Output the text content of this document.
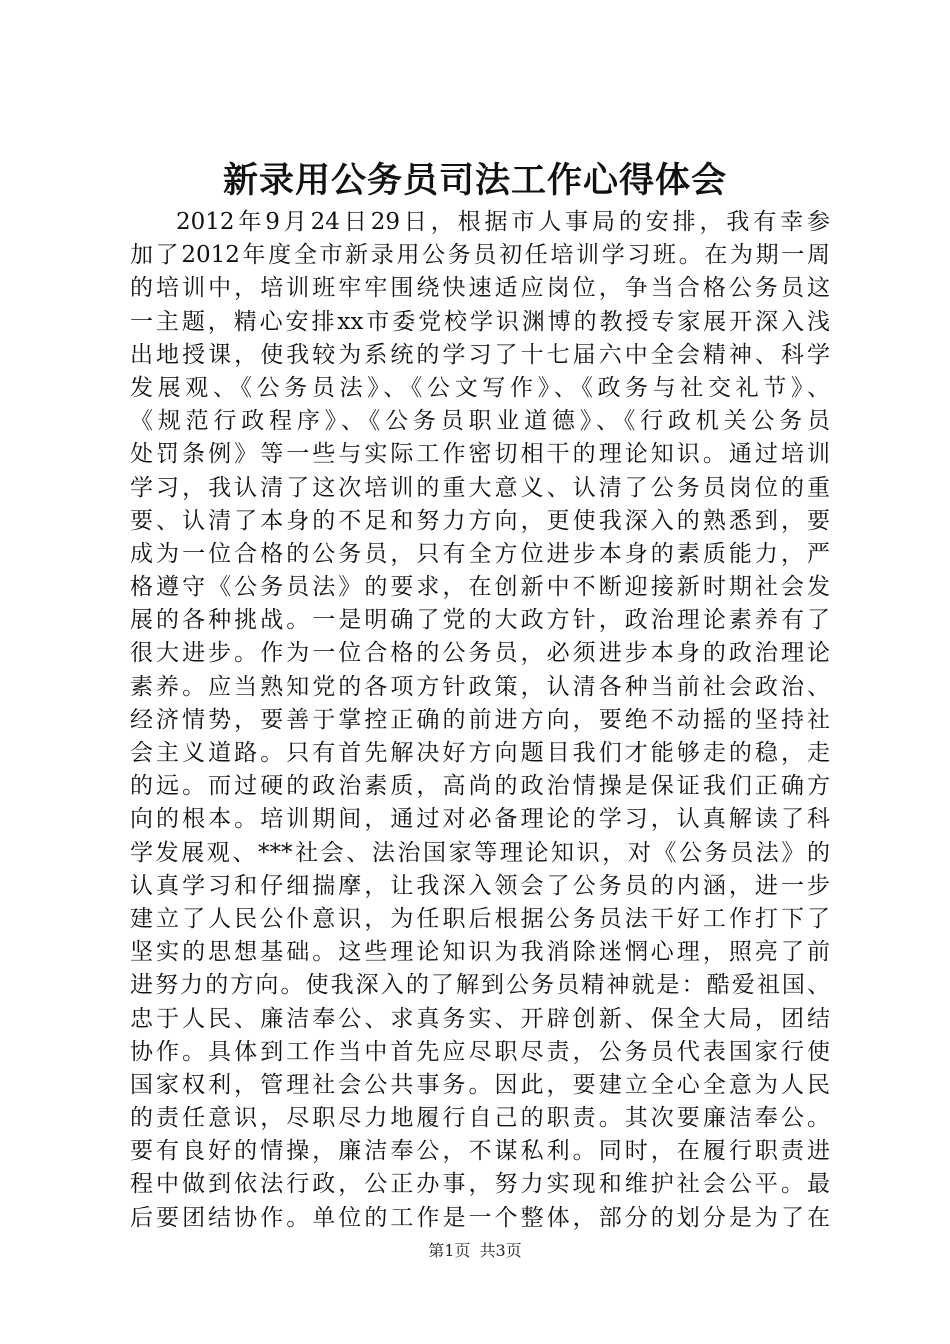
新录用公务员司法工作心得体会
2012年9月24日29日，根据市人事局的安排，我有幸参
加了2012年度全市新录用公务员初任培训学习班。在为期一周
的培训中，培训班牢牢围绕快速适应岗位，争当合格公务员这
一主题，精心安排xx市委党校学识渊博的教授专家展开深入浅
出地授课，使我较为系统的学习了十七届六中全会精神、科学
发展观、《公务员法》、《公文写作》、《政务与社交礼节》、
《规范行政程序》、《公务员职业道德》、《行政机关公务员
处罚条例》等一些与实际工作密切相干的理论知识。通过培训
学习，我认清了这次培训的重大意义、认清了公务员岗位的重
要、认清了本身的不足和努力方向，更使我深入的熟悉到，要
成为一位合格的公务员，只有全方位进步本身的素质能力，严
格遵守《公务员法》的要求，在创新中不断迎接新时期社会发
展的各种挑战。一是明确了党的大政方针，政治理论素养有了
很大进步。作为一位合格的公务员，必须进步本身的政治理论
素养。应当熟知党的各项方针政策，认清各种当前社会政治、
经济情势，要善于掌控正确的前进方向，要绝不动摇的坚持社
会主义道路。只有首先解决好方向题目我们才能够走的稳，走
的远。而过硬的政治素质，高尚的政治情操是保证我们正确方
向的根本。培训期间，通过对必备理论的学习，认真解读了科
学发展观、***社会、法治国家等理论知识，对《公务员法》的
认真学习和仔细揣摩，让我深入领会了公务员的内涵，进一步
建立了人民公仆意识，为任职后根据公务员法干好工作打下了
坚实的思想基础。这些理论知识为我消除迷惘心理，照亮了前
进努力的方向。使我深入的了解到公务员精神就是：酷爱祖国、
忠于人民、廉洁奉公、求真务实、开辟创新、保全大局，团结
协作。具体到工作当中首先应尽职尽责，公务员代表国家行使
国家权利，管理社会公共事务。因此，要建立全心全意为人民
的责任意识，尽职尽力地履行自己的职责。其次要廉洁奉公。
要有良好的情操，廉洁奉公，不谋私利。同时，在履行职责进
程中做到依法行政，公正办事，努力实现和维护社会公平。最
后要团结协作。单位的工作是一个整体，部分的划分是为了在
第1页 共3页
